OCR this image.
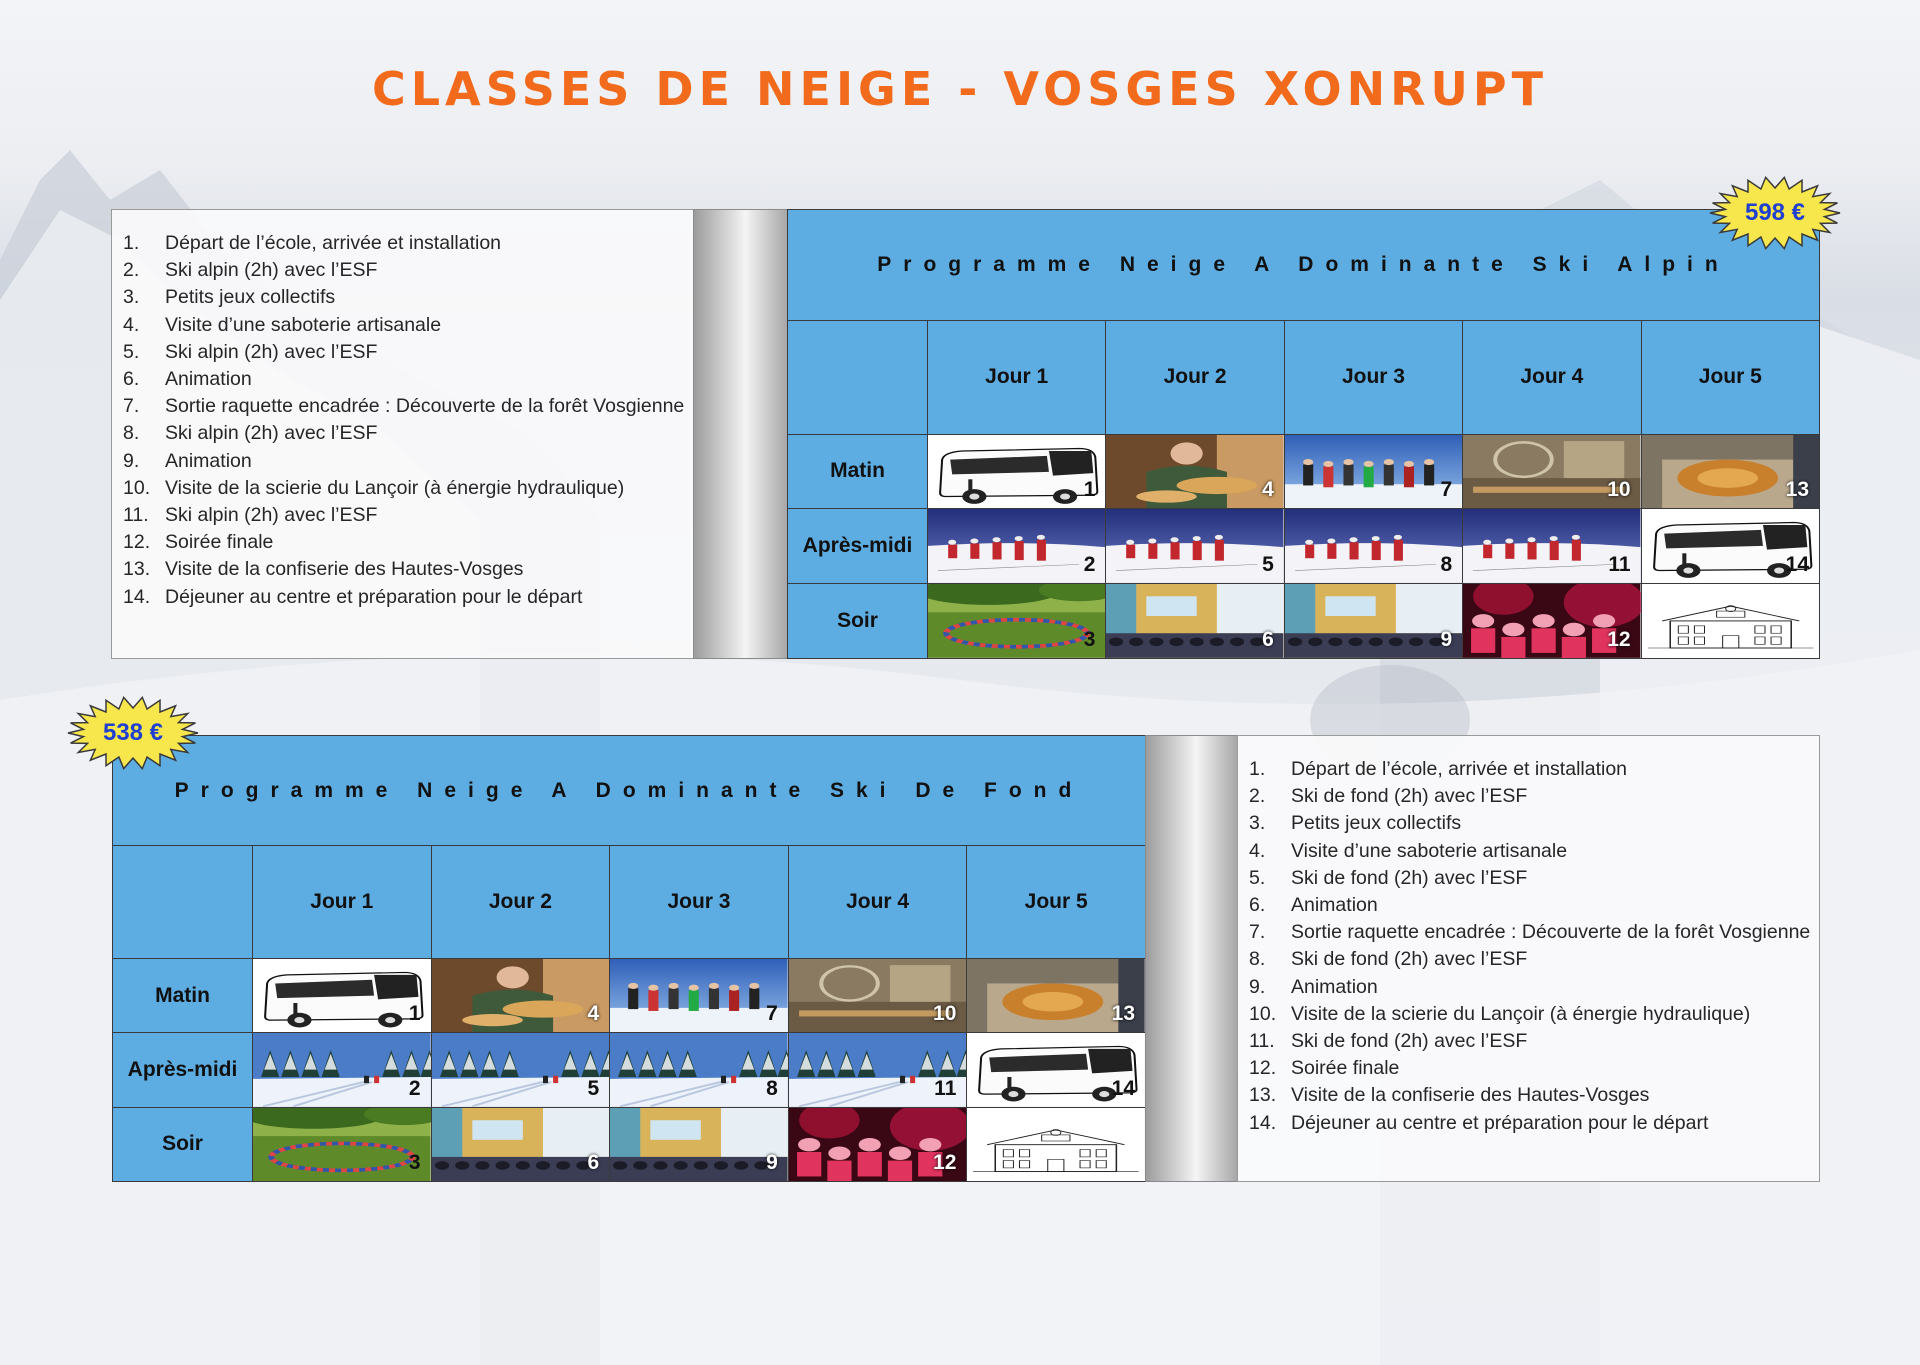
CLASSES DE NEIGE - VOSGES XONRUPT
1.	Départ de l’école, arrivée et installation
2.	Ski alpin (2h) avec l’ESF
3.	Petits jeux collectifs
4.	Visite d’une saboterie artisanale
5.	Ski alpin (2h) avec l’ESF
6.	Animation
7.	Sortie raquette encadrée : Découverte de la forêt Vosgienne
8.	Ski alpin (2h) avec l’ESF
9.	Animation
10. Visite de la scierie du Lançoir (à énergie hydraulique)
11. Ski alpin (2h) avec l’ESF
12. Soirée finale
13. Visite de la confiserie des Hautes-Vosges
14. Déjeuner au centre et préparation pour le départ
Programme Neige A Dominante Ski Alpin					
	Jour 1	Jour 2	Jour 3	Jour 4	Jour 5
Matin	1	4	7	10	13

Après-midi	2	5	8	11	14

Soir	3	6	9	12

598 €
Programme Neige A Dominante Ski De Fond					
	Jour 1	Jour 2	Jour 3	Jour 4	Jour 5
Matin	1	4	7	10	13

Après-midi	2	5	8	11	14

Soir	3	6	9	12

1.	Départ de l’école, arrivée et installation
2.	Ski de fond (2h) avec l’ESF
3.	Petits jeux collectifs
4.	Visite d’une saboterie artisanale
5.	Ski de fond (2h) avec l’ESF
6.	Animation
7.	Sortie raquette encadrée : Découverte de la forêt Vosgienne
8.	Ski de fond (2h) avec l’ESF
9.	Animation
10. Visite de la scierie du Lançoir (à énergie hydraulique)
11. Ski de fond (2h) avec l’ESF
12. Soirée finale
13. Visite de la confiserie des Hautes-Vosges
14. Déjeuner au centre et préparation pour le départ
538 €
